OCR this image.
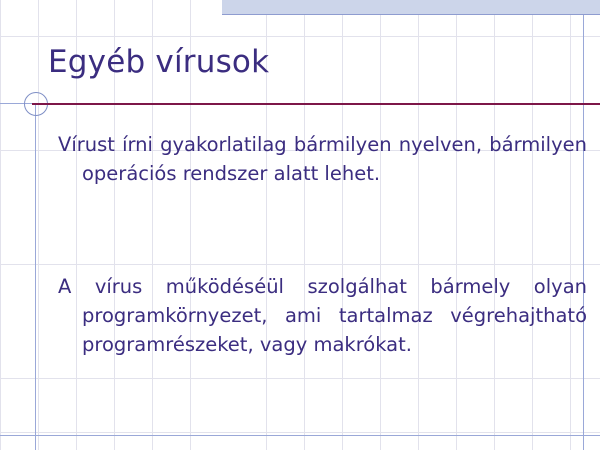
Egyéb vírusok
Vírust írni gyakorlatilag bármilyen nyelven, bármilyen operációs rendszer alatt lehet.
A vírus működéséül szolgálhat bármely olyan programkörnyezet, ami tartalmaz végrehajtható programrészeket, vagy makrókat.
